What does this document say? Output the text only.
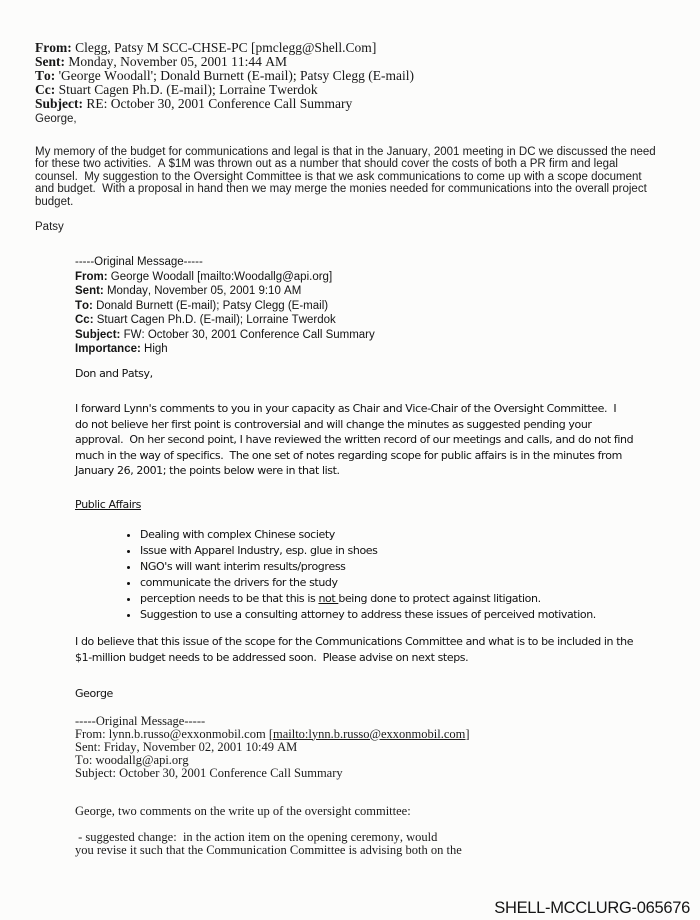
From: Clegg, Patsy M SCC-CHSE-PC [pmclegg@Shell.Com]
Sent: Monday, November 05, 2001 11:44 AM
To: 'George Woodall'; Donald Burnett (E-mail); Patsy Clegg (E-mail)
Cc: Stuart Cagen Ph.D. (E-mail); Lorraine Twerdok
Subject: RE: October 30, 2001 Conference Call Summary
George,
My memory of the budget for communications and legal is that in the January, 2001 meeting in DC we discussed the need
for these two activities.  A $1M was thrown out as a number that should cover the costs of both a PR firm and legal
counsel.  My suggestion to the Oversight Committee is that we ask communications to come up with a scope document
and budget.  With a proposal in hand then we may merge the monies needed for communications into the overall project
budget.
Patsy
-----Original Message-----
From: George Woodall [mailto:Woodallg@api.org]
Sent: Monday, November 05, 2001 9:10 AM
To: Donald Burnett (E-mail); Patsy Clegg (E-mail)
Cc: Stuart Cagen Ph.D. (E-mail); Lorraine Twerdok
Subject: FW: October 30, 2001 Conference Call Summary
Importance: High
Don and Patsy,
I forward Lynn's comments to you in your capacity as Chair and Vice-Chair of the Oversight Committee.  I
do not believe her first point is controversial and will change the minutes as suggested pending your
approval.  On her second point, I have reviewed the written record of our meetings and calls, and do not find
much in the way of specifics.  The one set of notes regarding scope for public affairs is in the minutes from
January 26, 2001; the points below were in that list.
Public Affairs
• Dealing with complex Chinese society
• Issue with Apparel Industry, esp. glue in shoes
• NGO's will want interim results/progress
• communicate the drivers for the study
• perception needs to be that this is not being done to protect against litigation.
• Suggestion to use a consulting attorney to address these issues of perceived motivation.
I do believe that this issue of the scope for the Communications Committee and what is to be included in the
$1-million budget needs to be addressed soon.  Please advise on next steps.
George
-----Original Message-----
From: lynn.b.russo@exxonmobil.com [mailto:lynn.b.russo@exxonmobil.com]
Sent: Friday, November 02, 2001 10:49 AM
To: woodallg@api.org
Subject: October 30, 2001 Conference Call Summary
George, two comments on the write up of the oversight committee:
- suggested change:  in the action item on the opening ceremony, would
you revise it such that the Communication Committee is advising both on the
SHELL-MCCLURG-065676
